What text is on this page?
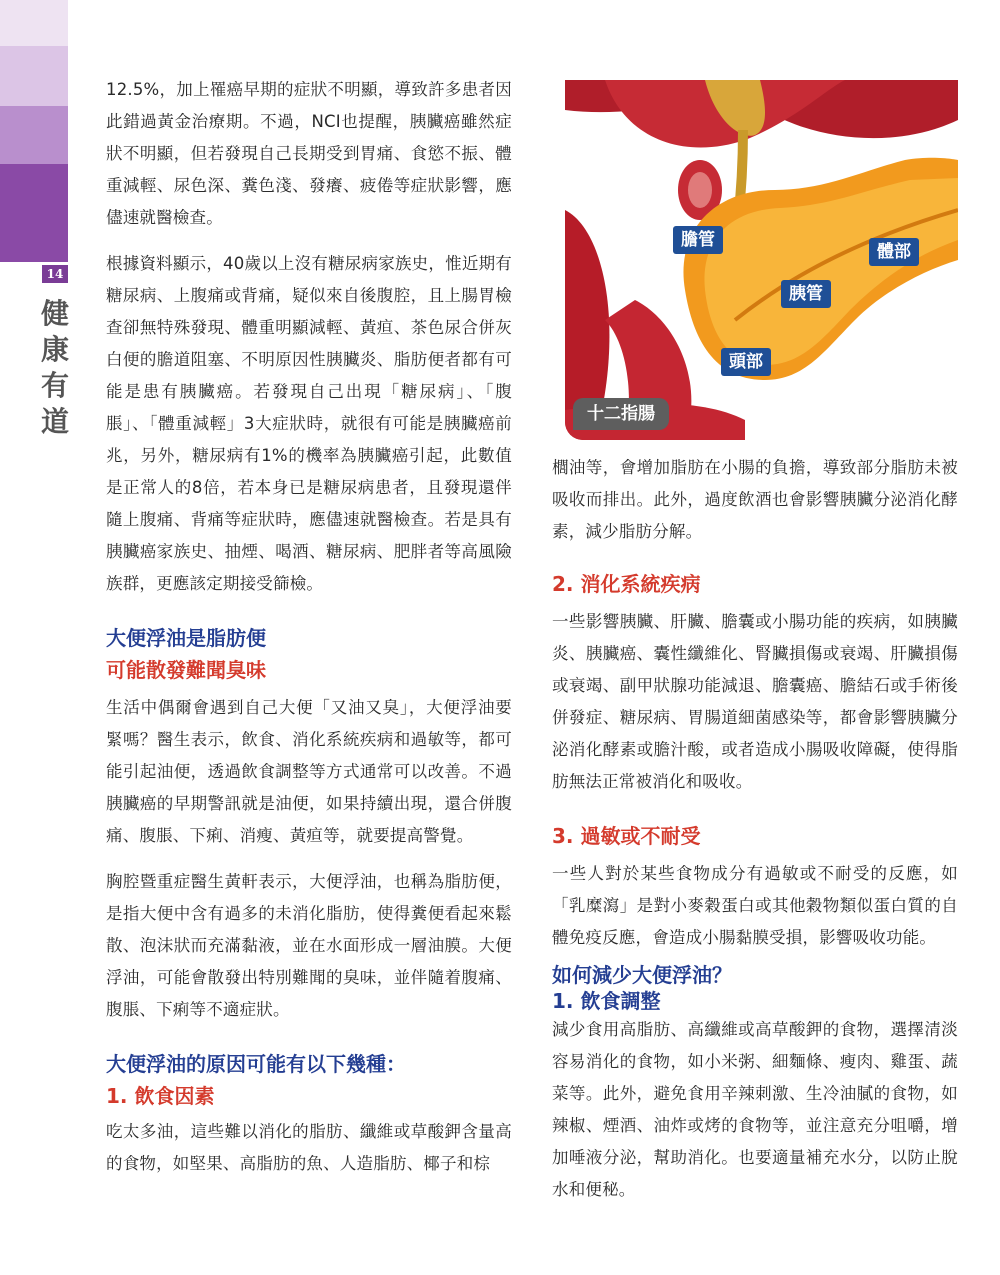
14
健康有道

12.5%，加上罹癌早期的症狀不明顯，導致許多患者因此錯過黃金治療期。不過，NCI也提醒，胰臟癌雖然症狀不明顯，但若發現自己長期受到胃痛、食慾不振、體重減輕、尿色深、糞色淺、發癢、疲倦等症狀影響，應儘速就醫檢查。

根據資料顯示，40歲以上沒有糖尿病家族史，惟近期有糖尿病、上腹痛或背痛，疑似來自後腹腔，且上腸胃檢查卻無特殊發現、體重明顯減輕、黃疸、茶色尿合併灰白便的膽道阻塞、不明原因性胰臟炎、脂肪便者都有可能是患有胰臟癌。若發現自己出現「糖尿病」、「腹脹」、「體重減輕」3大症狀時，就很有可能是胰臟癌前兆，另外，糖尿病有1%的機率為胰臟癌引起，此數值是正常人的8倍，若本身已是糖尿病患者，且發現還伴隨上腹痛、背痛等症狀時，應儘速就醫檢查。若是具有胰臟癌家族史、抽煙、喝酒、糖尿病、肥胖者等高風險族群，更應該定期接受篩檢。

大便浮油是脂肪便
可能散發難聞臭味

生活中偶爾會遇到自己大便「又油又臭」，大便浮油要緊嗎？醫生表示，飲食、消化系統疾病和過敏等，都可能引起油便，透過飲食調整等方式通常可以改善。不過胰臟癌的早期警訊就是油便，如果持續出現，還合併腹痛、腹脹、下痢、消瘦、黃疸等，就要提高警覺。

胸腔暨重症醫生黃軒表示，大便浮油，也稱為脂肪便，是指大便中含有過多的未消化脂肪，使得糞便看起來鬆散、泡沫狀而充滿黏液，並在水面形成一層油膜。大便浮油，可能會散發出特別難聞的臭味，並伴隨着腹痛、腹脹、下痢等不適症狀。

大便浮油的原因可能有以下幾種：
1. 飲食因素

吃太多油，這些難以消化的脂肪、纖維或草酸鉀含量高的食物，如堅果、高脂肪的魚、人造脂肪、椰子和棕

膽管
體部
胰管
頭部
十二指腸

櫚油等，會增加脂肪在小腸的負擔，導致部分脂肪未被吸收而排出。此外，過度飲酒也會影響胰臟分泌消化酵素，減少脂肪分解。

2. 消化系統疾病

一些影響胰臟、肝臟、膽囊或小腸功能的疾病，如胰臟炎、胰臟癌、囊性纖維化、腎臟損傷或衰竭、肝臟損傷或衰竭、副甲狀腺功能減退、膽囊癌、膽結石或手術後併發症、糖尿病、胃腸道細菌感染等，都會影響胰臟分泌消化酵素或膽汁酸，或者造成小腸吸收障礙，使得脂肪無法正常被消化和吸收。

3. 過敏或不耐受

一些人對於某些食物成分有過敏或不耐受的反應，如「乳糜瀉」是對小麥穀蛋白或其他穀物類似蛋白質的自體免疫反應，會造成小腸黏膜受損，影響吸收功能。

如何減少大便浮油？
1. 飲食調整

減少食用高脂肪、高纖維或高草酸鉀的食物，選擇清淡容易消化的食物，如小米粥、細麵條、瘦肉、雞蛋、蔬菜等。此外，避免食用辛辣刺激、生冷油膩的食物，如辣椒、煙酒、油炸或烤的食物等，並注意充分咀嚼，增加唾液分泌，幫助消化。也要適量補充水分，以防止脫水和便秘。
